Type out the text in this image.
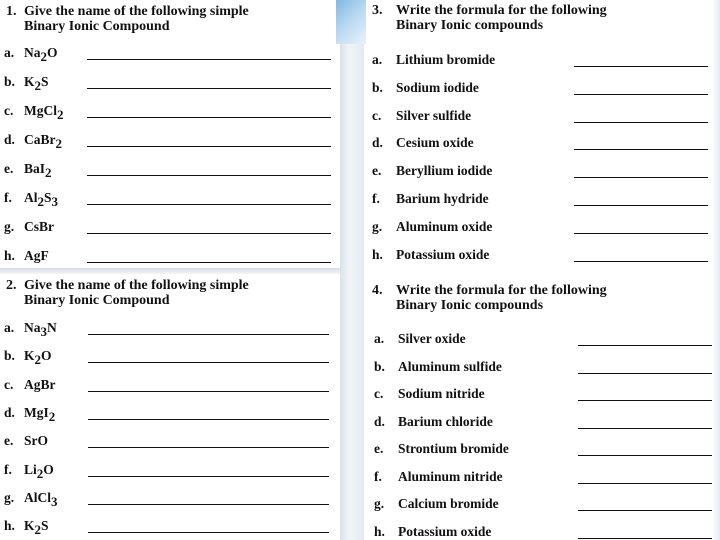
1. Give the name of the following simple
Binary Ionic Compound
a. $Na_2O$
b. $K_2S$
c. MgCl$_2$
d. CaBr$_2$
e. BaI$_2$
f. $Al_2S_3$
g. CsBr
h. AgF
2. Give the name of the following simple
Binary Ionic Compound
a. $Na_3N$
b. $K_2O$
c. AgBr
d. MgI$_2$
e. SrO
f. $Li_2O$
g. AlCl$_3$
h. $K_2S$
3. Write the formula for the following
Binary Ionic compounds
a. Lithium bromide
b. Sodium iodide
c. Silver sulfide
d. Cesium oxide
e. Beryllium iodide
f. Barium hydride
g. Aluminum oxide
h. Potassium oxide
4. Write the formula for the following
Binary Ionic compounds
a. Silver oxide
b. Aluminum sulfide
c. Sodium nitride
d. Barium chloride
e. Strontium bromide
f. Aluminum nitride
g. Calcium bromide
h. Potassium oxide
